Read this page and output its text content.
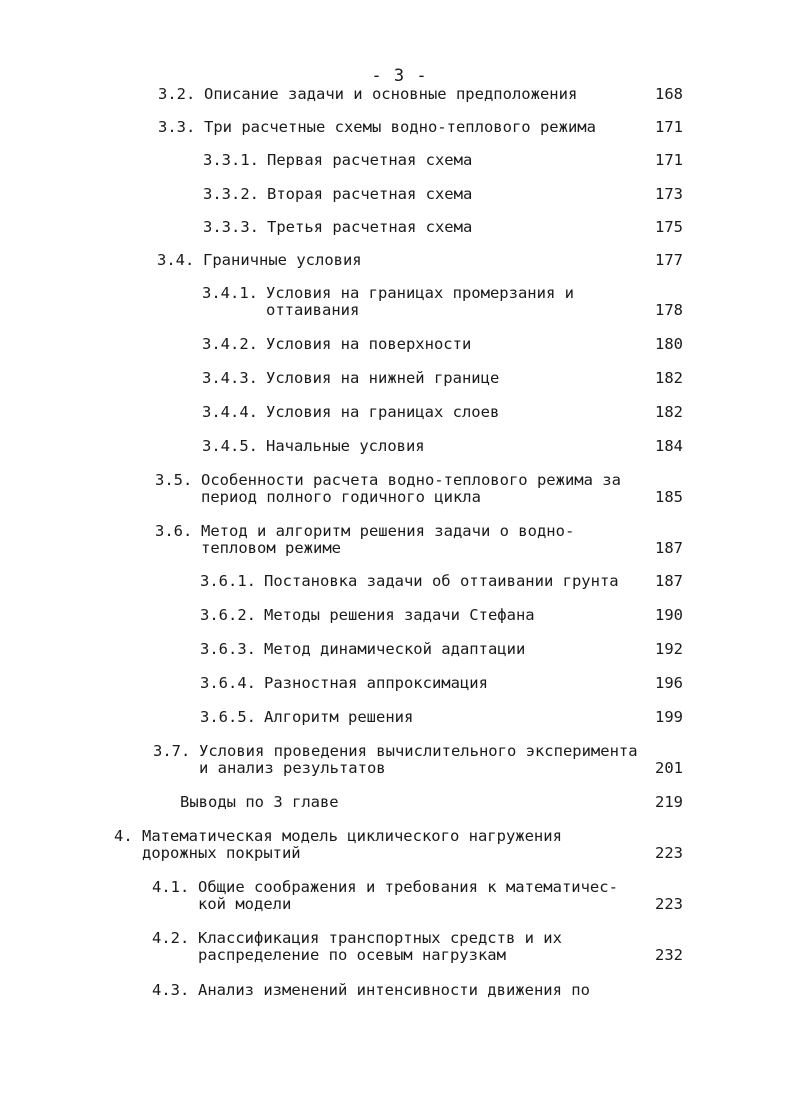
- 3 -
3.2. Описание задачи и основные предположения	168
3.3. Три расчетные схемы водно-теплового режима	171
3.3.1. Первая расчетная схема	171
3.3.2. Вторая расчетная схема	173
3.3.3. Третья расчетная схема	175
3.4. Граничные условия	177
3.4.1. Условия на границах промерзания и
оттаивания	178
3.4.2. Условия на поверхности	180
3.4.3. Условия на нижней границе	182
3.4.4. Условия на границах слоев	182
3.4.5. Начальные условия	184
3.5. Особенности расчета водно-теплового режима за
период полного годичного цикла	185
3.6. Метод и алгоритм решения задачи о водно-
тепловом режиме	187
3.6.1. Постановка задачи об оттаивании грунта 187
3.6.2. Методы решения задачи Стефана	190
3.6.3. Метод динамической адаптации	192
3.6.4. Разностная аппроксимация	196
3.6.5. Алгоритм решения	199
3.7. Условия проведения вычислительного эксперимента
и анализ результатов	201
Выводы по 3 главе	219
4. Математическая модель циклического нагружения
дорожных покрытий	223
4.1. Общие соображения и требования к математичес-
кой модели	223
4.2. Классификация транспортных средств и их
распределение по осевым нагрузкам	232
4.3. Анализ изменений интенсивности движения по
